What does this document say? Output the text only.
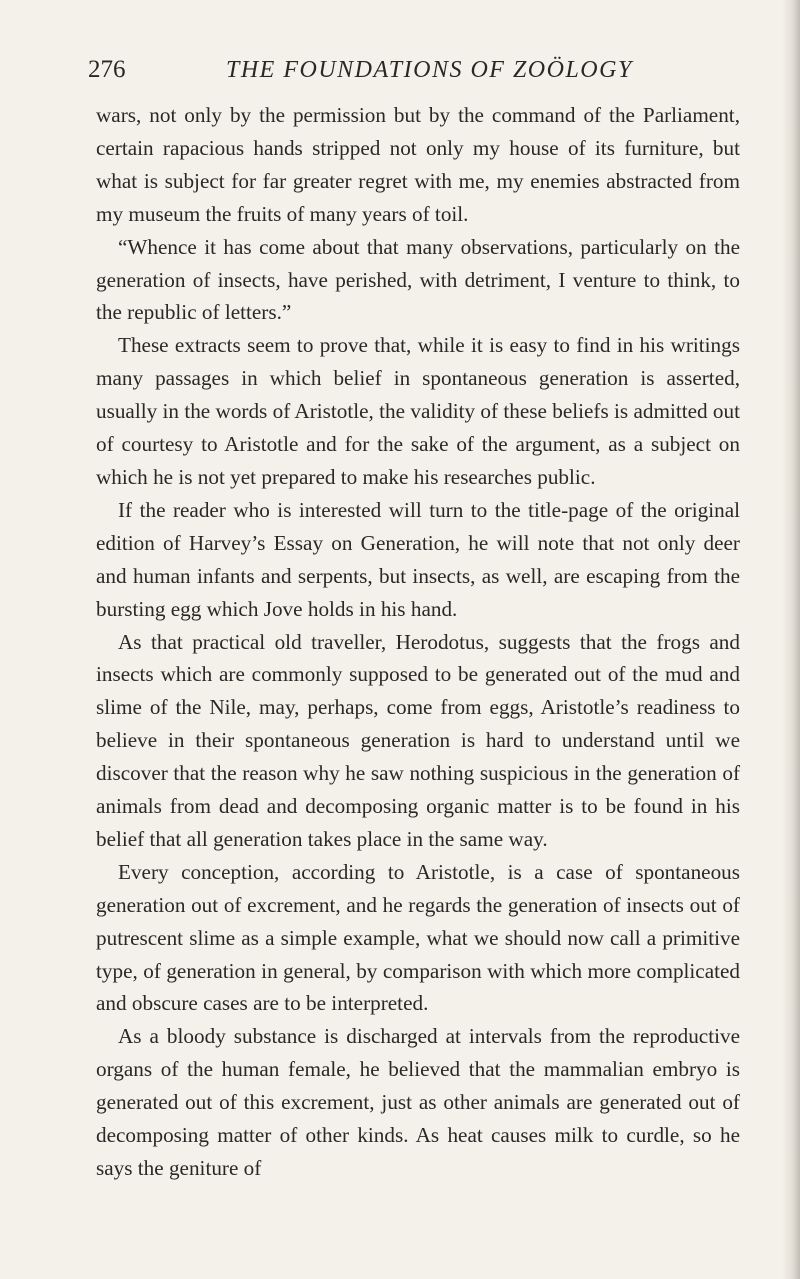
276	THE FOUNDATIONS OF ZOÖLOGY

wars, not only by the permission but by the command of the Parliament, certain rapacious hands stripped not only my house of its furniture, but what is subject for far greater regret with me, my enemies abstracted from my museum the fruits of many years of toil.

“Whence it has come about that many observations, particularly on the generation of insects, have perished, with detriment, I venture to think, to the republic of letters.”

These extracts seem to prove that, while it is easy to find in his writings many passages in which belief in spontaneous generation is asserted, usually in the words of Aristotle, the validity of these beliefs is admitted out of courtesy to Aristotle and for the sake of the argument, as a subject on which he is not yet prepared to make his researches public.

If the reader who is interested will turn to the title-page of the original edition of Harvey’s Essay on Generation, he will note that not only deer and human infants and serpents, but insects, as well, are escaping from the bursting egg which Jove holds in his hand.

As that practical old traveller, Herodotus, suggests that the frogs and insects which are commonly supposed to be generated out of the mud and slime of the Nile, may, perhaps, come from eggs, Aristotle’s readiness to believe in their spontaneous generation is hard to understand until we discover that the reason why he saw nothing suspicious in the generation of animals from dead and decomposing organic matter is to be found in his belief that all generation takes place in the same way.

Every conception, according to Aristotle, is a case of spontaneous generation out of excrement, and he regards the generation of insects out of putrescent slime as a simple example, what we should now call a primitive type, of generation in general, by comparison with which more complicated and obscure cases are to be interpreted.

As a bloody substance is discharged at intervals from the reproductive organs of the human female, he believed that the mammalian embryo is generated out of this excrement, just as other animals are generated out of decomposing matter of other kinds. As heat causes milk to curdle, so he says the geniture of
